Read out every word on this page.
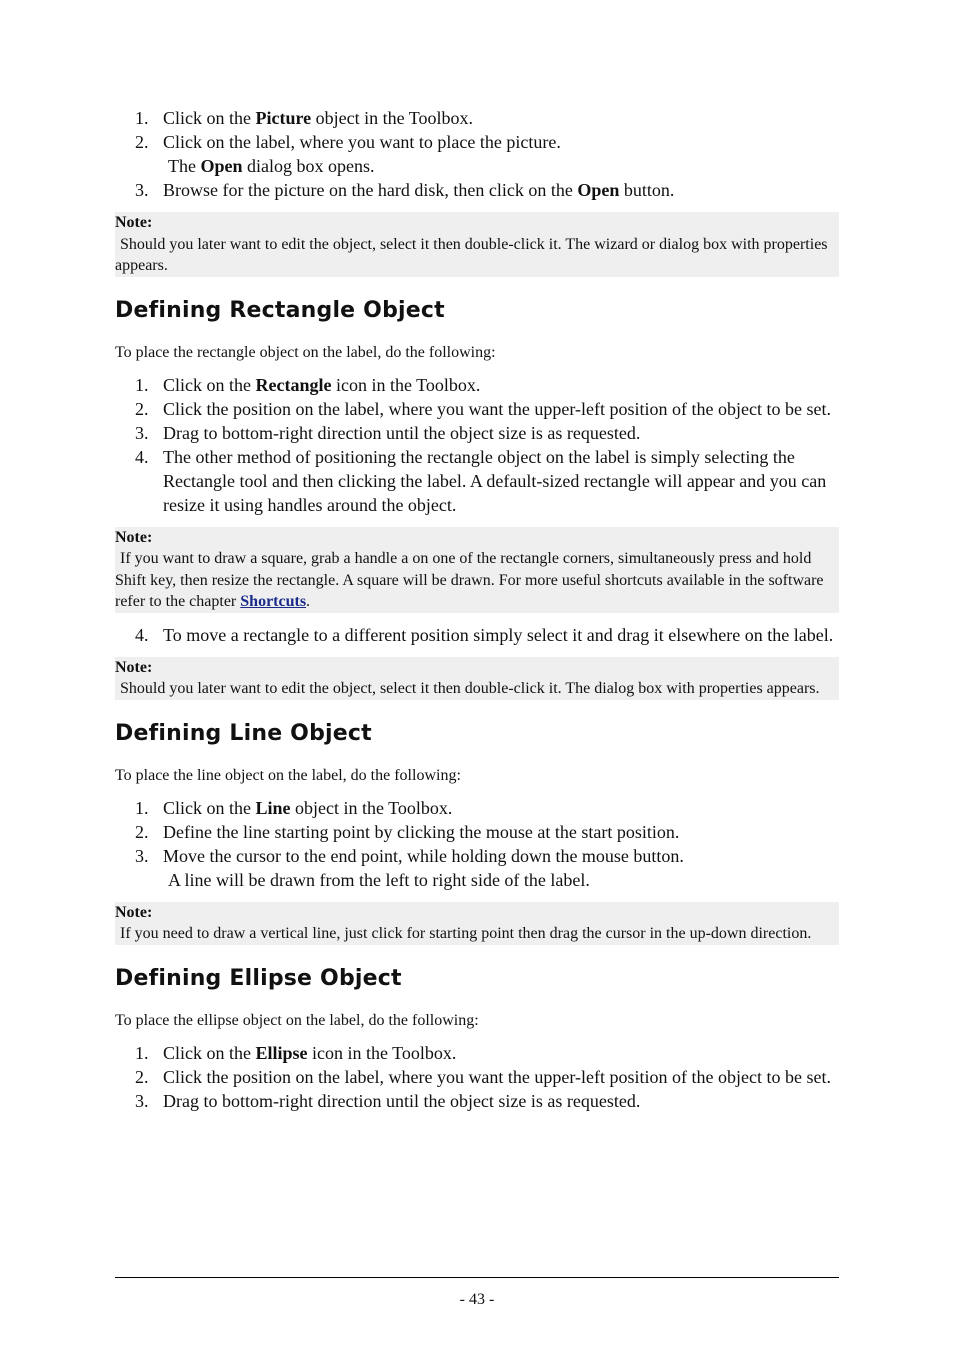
1. Click on the Picture object in the Toolbox.
2. Click on the label, where you want to place the picture.
The Open dialog box opens.
3. Browse for the picture on the hard disk, then click on the Open button.
Note:
Should you later want to edit the object, select it then double-click it. The wizard or dialog box with properties appears.
Defining Rectangle Object
To place the rectangle object on the label, do the following:
1. Click on the Rectangle icon in the Toolbox.
2. Click the position on the label, where you want the upper-left position of the object to be set.
3. Drag to bottom-right direction until the object size is as requested.
4. The other method of positioning the rectangle object on the label is simply selecting the Rectangle tool and then clicking the label. A default-sized rectangle will appear and you can resize it using handles around the object.
Note:
If you want to draw a square, grab a handle a on one of the rectangle corners, simultaneously press and hold Shift key, then resize the rectangle. A square will be drawn. For more useful shortcuts available in the software refer to the chapter Shortcuts.
4. To move a rectangle to a different position simply select it and drag it elsewhere on the label.
Note:
Should you later want to edit the object, select it then double-click it. The dialog box with properties appears.
Defining Line Object
To place the line object on the label, do the following:
1. Click on the Line object in the Toolbox.
2. Define the line starting point by clicking the mouse at the start position.
3. Move the cursor to the end point, while holding down the mouse button.
A line will be drawn from the left to right side of the label.
Note:
If you need to draw a vertical line, just click for starting point then drag the cursor in the up-down direction.
Defining Ellipse Object
To place the ellipse object on the label, do the following:
1. Click on the Ellipse icon in the Toolbox.
2. Click the position on the label, where you want the upper-left position of the object to be set.
3. Drag to bottom-right direction until the object size is as requested.
- 43 -
